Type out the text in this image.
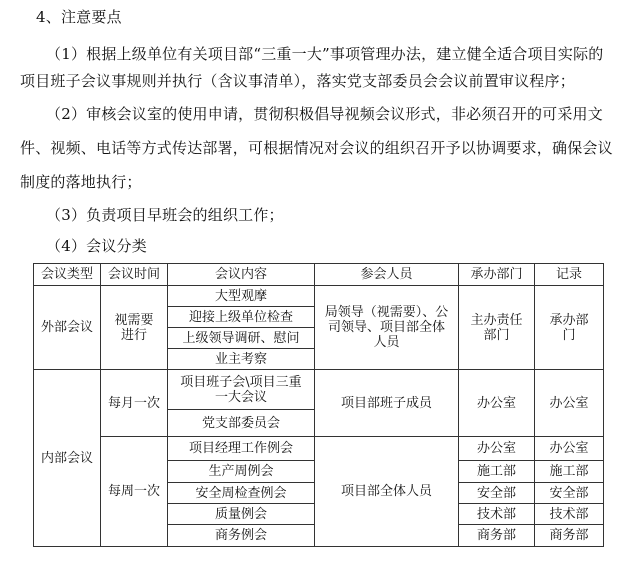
4、注意要点
（1）根据上级单位有关项目部“三重一大”事项管理办法，建立健全适合项目实际的
项目班子会议事规则并执行（含议事清单），落实党支部委员会会议前置审议程序；
（2）审核会议室的使用申请，贯彻积极倡导视频会议形式，非必须召开的可采用文
件、视频、电话等方式传达部署，可根据情况对会议的组织召开予以协调要求，确保会议
制度的落地执行；
（3）负责项目早班会的组织工作；
（4）会议分类
会议类型	会议时间	会议内容	参会人员	承办部门	记录
外部会议	视需要进行	大型观摩	局领导（视需要）、公司领导、项目部全体人员	主办责任部门	承办部门
		迎接上级单位检查			
		上级领导调研、慰问			
		业主考察			
内部会议	每月一次	项目班子会\项目三重一大会议	项目部班子成员	办公室	办公室
		党支部委员会			
	每周一次	项目经理工作例会	项目部全体人员	办公室	办公室
		生产周例会		施工部	施工部
		安全周检查例会		安全部	安全部
		质量例会		技术部	技术部
		商务例会		商务部	商务部
